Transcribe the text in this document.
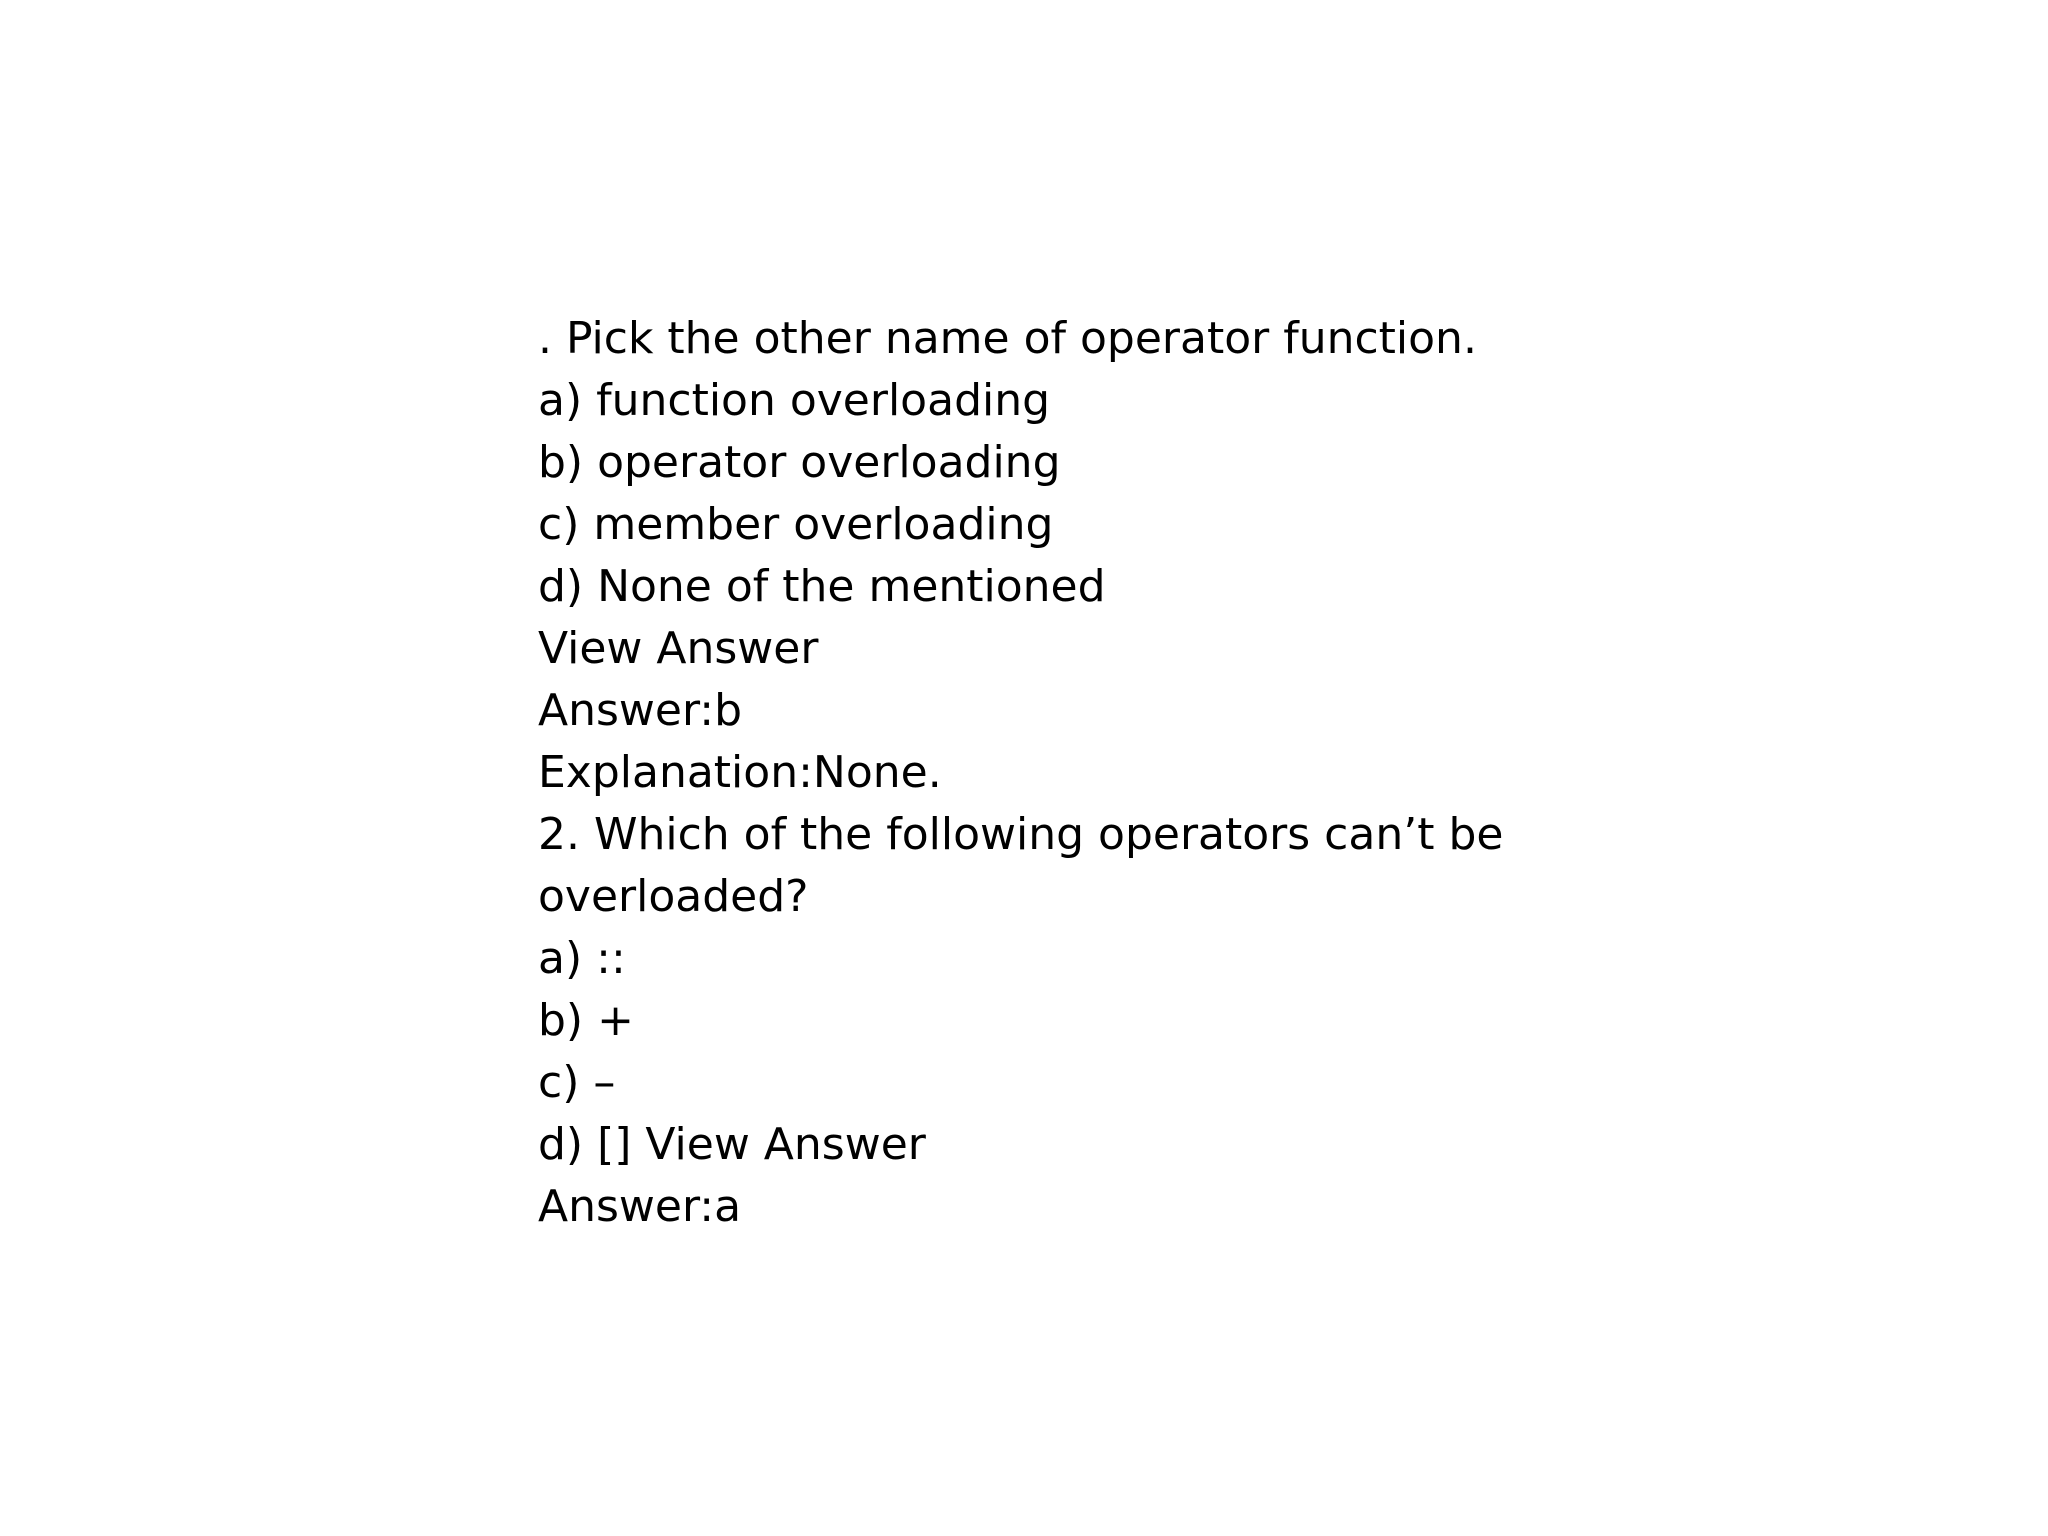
. Pick the other name of operator function.
a) function overloading
b) operator overloading
c) member overloading
d) None of the mentioned
View Answer
Answer:b
Explanation:None.
2. Which of the following operators can’t be
overloaded?
a) ::
b) +
c) –
d) [] View Answer
Answer:a
